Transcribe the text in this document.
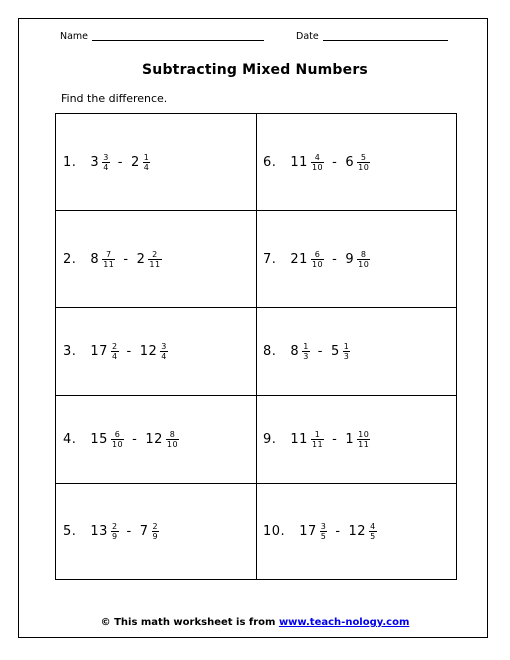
Name	Date
Subtracting Mixed Numbers
Find the difference.
1. $3 \frac{3}{4} - 2 \frac{1}{4}$	6. $11 \frac{4}{10} - 6 \frac{5}{10}$
2. $8 \frac{7}{11} - 2 \frac{2}{11}$	7. $21 \frac{6}{10} - 9 \frac{8}{10}$
3. $17 \frac{2}{4} - 12 \frac{3}{4}$	8. $8 \frac{1}{3} - 5 \frac{1}{3}$
4. $15 \frac{6}{10} - 12 \frac{8}{10}$	9. $11 \frac{1}{11} - 1 \frac{10}{11}$
5. $13 \frac{2}{9} - 7 \frac{2}{9}$	10. $17 \frac{3}{5} - 12 \frac{4}{5}$
© This math worksheet is from www.teach-nology.com
